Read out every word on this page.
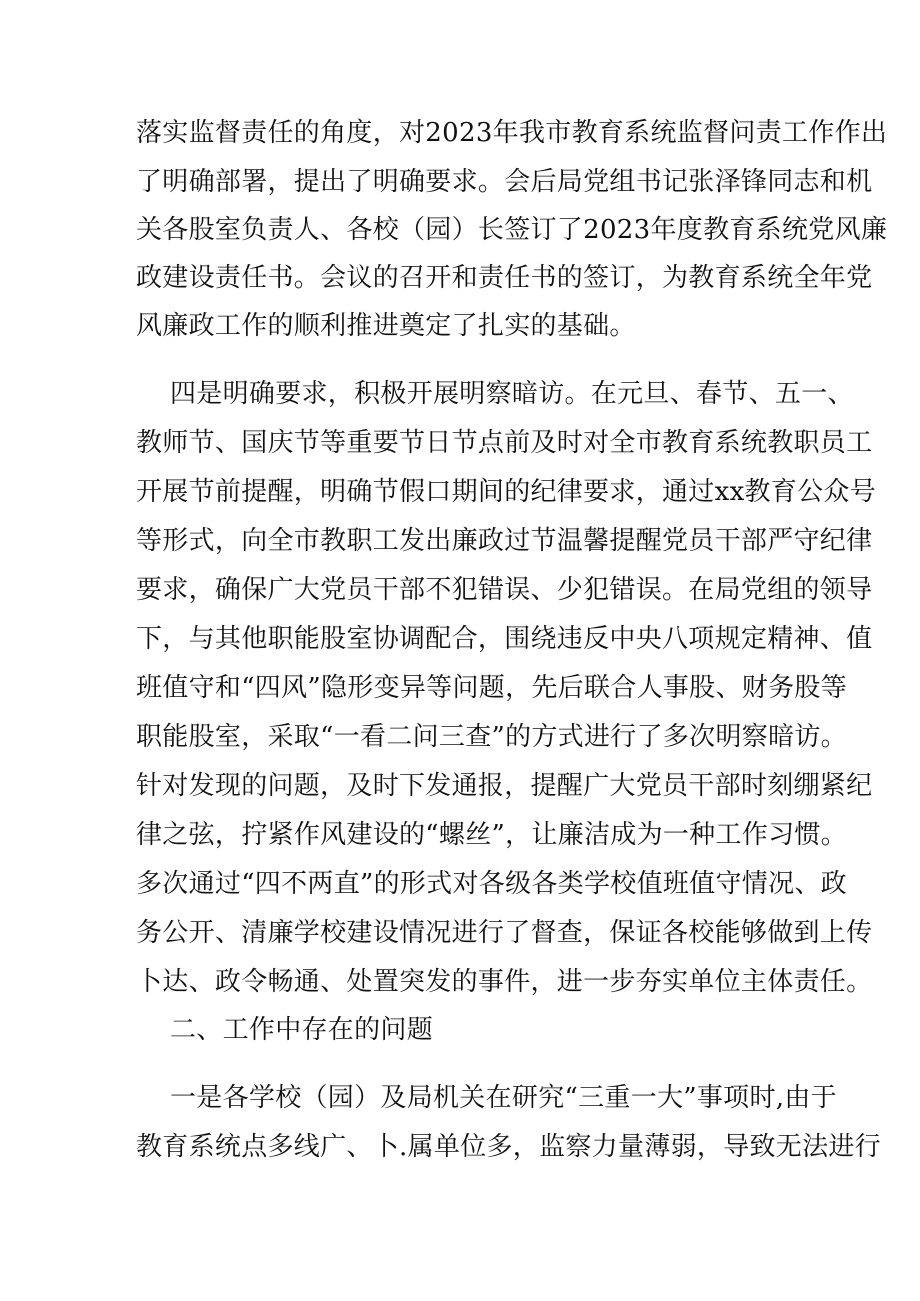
落实监督责任的角度，对2023年我市教育系统监督问责工作作出
了明确部署，提出了明确要求。会后局党组书记张泽锋同志和机
关各股室负责人、各校（园）长签订了2023年度教育系统党风廉
政建设责任书。会议的召开和责任书的签订，为教育系统全年党
风廉政工作的顺利推进奠定了扎实的基础。
四是明确要求，积极开展明察暗访。在元旦、春节、五一、
教师节、国庆节等重要节日节点前及时对全市教育系统教职员工
开展节前提醒，明确节假口期间的纪律要求，通过xx教育公众号
等形式，向全市教职工发出廉政过节温馨提醒党员干部严守纪律
要求，确保广大党员干部不犯错误、少犯错误。在局党组的领导
下，与其他职能股室协调配合，围绕违反中央八项规定精神、值
班值守和“四风”隐形变异等问题，先后联合人事股、财务股等
职能股室，采取“一看二问三查”的方式进行了多次明察暗访。
针对发现的问题，及时下发通报，提醒广大党员干部时刻绷紧纪
律之弦，拧紧作风建设的“螺丝”，让廉洁成为一种工作习惯。
多次通过“四不两直”的形式对各级各类学校值班值守情况、政
务公开、清廉学校建设情况进行了督查，保证各校能够做到上传
卜达、政令畅通、处置突发的事件，进一步夯实单位主体责任。
二、工作中存在的问题
一是各学校（园）及局机关在研究“三重一大”事项时,由于
教育系统点多线广、卜.属单位多，监察力量薄弱，导致无法进行
